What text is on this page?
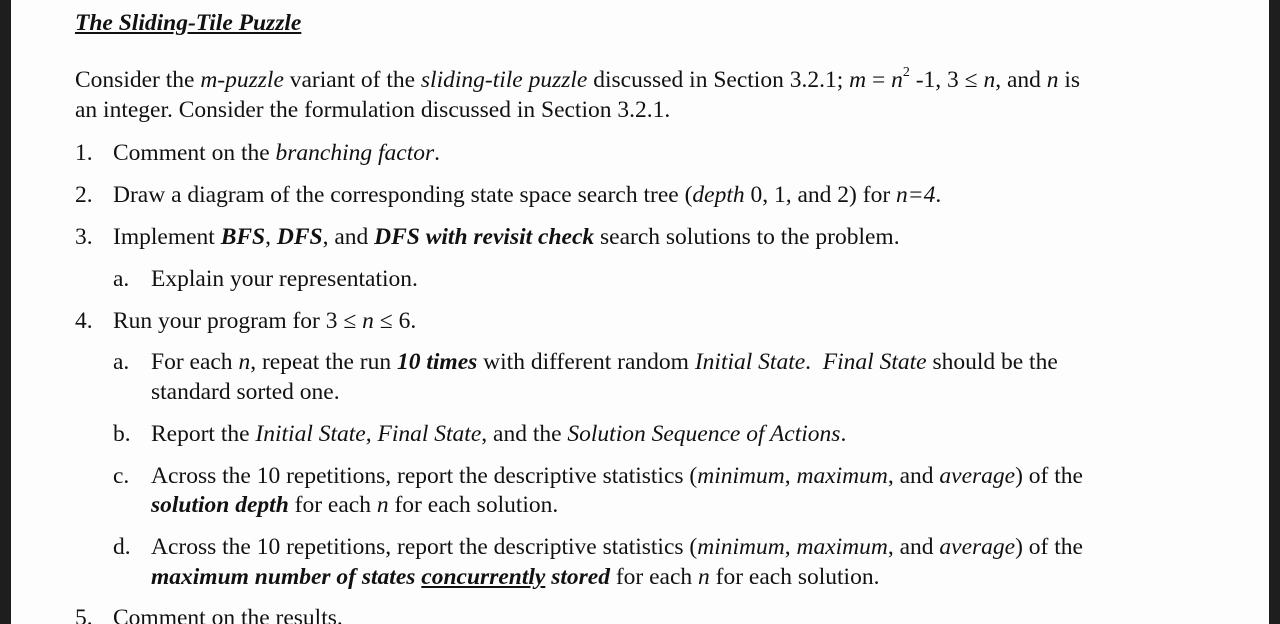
The Sliding-Tile Puzzle
Consider the m-puzzle variant of the sliding-tile puzzle discussed in Section 3.2.1; $m = n^2$ -1, 3 ≤ n, and n is
an integer. Consider the formulation discussed in Section 3.2.1.
1. Comment on the branching factor.
2. Draw a diagram of the corresponding state space search tree (depth 0, 1, and 2) for n=4.
3. Implement BFS, DFS, and DFS with revisit check search solutions to the problem.
a. Explain your representation.
4. Run your program for 3 ≤ n ≤ 6.
a. For each n, repeat the run 10 times with different random Initial State.  Final State should be the
standard sorted one.
b. Report the Initial State, Final State, and the Solution Sequence of Actions.
c. Across the 10 repetitions, report the descriptive statistics (minimum, maximum, and average) of the
solution depth for each n for each solution.
d. Across the 10 repetitions, report the descriptive statistics (minimum, maximum, and average) of the
maximum number of states concurrently stored for each n for each solution.
5. Comment on the results.
